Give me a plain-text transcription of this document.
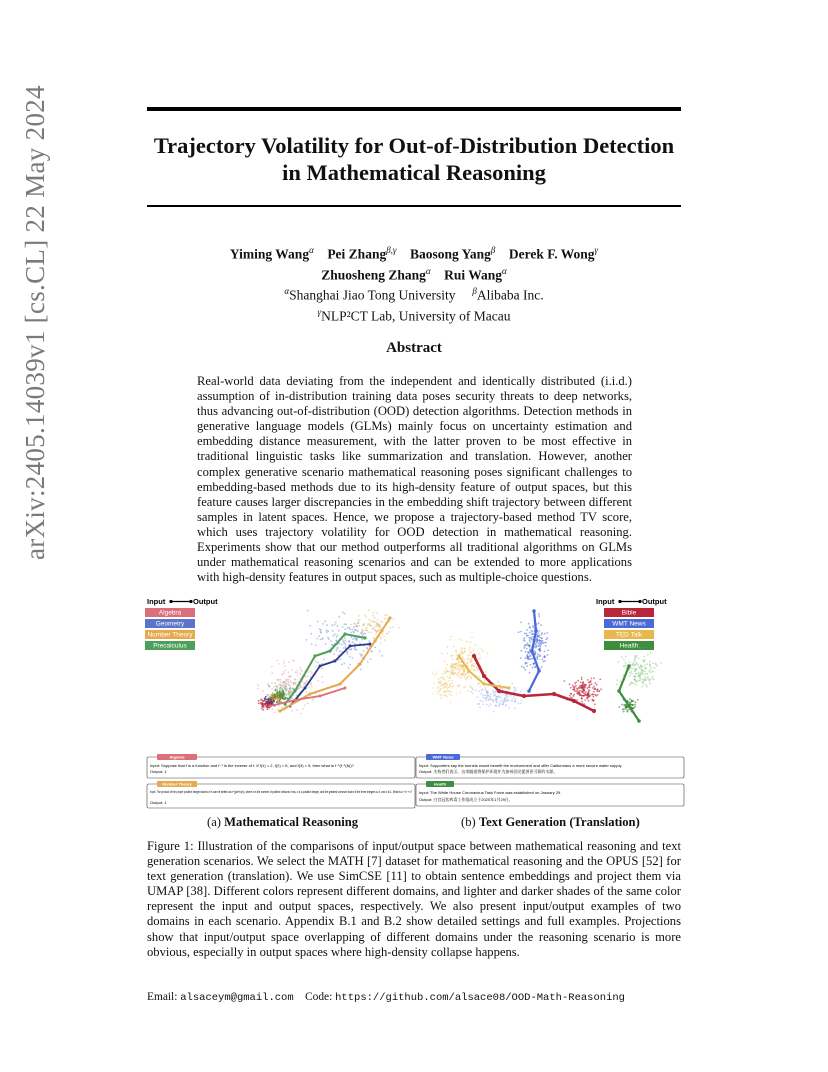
arXiv:2405.14039v1 [cs.CL] 22 May 2024	Trajectory Volatility for Out-of-Distribution Detection
in Mathematical Reasoning
Yiming Wang$^\alpha$ Pei Zhang$^{\beta,\gamma}$ Baosong Yang$^\beta$ Derek F. Wong$^\gamma$
Zhuosheng Zhang$^\alpha$ Rui Wang$^\alpha$
$^\alpha$Shanghai Jiao Tong University $^\beta$Alibaba Inc.
$^\gamma$NLP²CT Lab, University of Macau
Abstract
Real-world data deviating from the independent and identically distributed (i.i.d.) assumption of in-distribution training data poses security threats to deep networks, thus advancing out-of-distribution (OOD) detection algorithms. Detection methods in generative language models (GLMs) mainly focus on uncertainty estimation and embedding distance measurement, with the latter proven to be most effective in traditional linguistic tasks like summarization and translation. However, another complex generative scenario mathematical reasoning poses significant challenges to embedding-based methods due to its high-density feature of output spaces, but this feature causes larger discrepancies in the embedding shift trajectory between different samples in latent spaces. Hence, we propose a trajectory-based method TV score, which uses trajectory volatility for OOD detection in mathematical reasoning. Experiments show that our method outperforms all traditional algorithms on GLMs under mathematical reasoning scenarios and can be extended to more applications with high-density features in output spaces, such as multiple-choice questions.
Input	Output
Algebra
Geometry
Number Theory
Precalculus
Algebra
Input: Suppose that f is a function and f⁻¹ is the inverse of f. If f(1) = 2, f(2) = 6, and f(3) = 5, then what is f⁻¹(f⁻¹(6))?
Output: 1
Number Theory
Input: The product of the proper positive integer factors of n can be written as n^((ax+b)/c), where x is the number of positive divisors n has, c is a positive integer, and the greatest common factor of the three integers a, b, and c is 1. What is a + b + c?
Output: 1
Input	Output
Bible
WMT News
TED Talk
Health
WMT News
Input: Supporters say the tunnels would benefit the environment and offer Californians a more secure water supply.
Output: 支持者们表示，这项隧道将保护环境并为加州居民提供更可靠的水源。
Health
Input: The White House Coronavirus Task Force was established on January 29.
Output: 白宫冠状病毒工作组成立于2020年1月29日。
(a) Mathematical Reasoning	(b) Text Generation (Translation)
Figure 1: Illustration of the comparisons of input/output space between mathematical reasoning and text generation scenarios. We select the MATH [7] dataset for mathematical reasoning and the OPUS [52] for text generation (translation). We use SimCSE [11] to obtain sentence embeddings and project them via UMAP [38]. Different colors represent different domains, and lighter and darker shades of the same color represent the input and output spaces, respectively. We also present input/output examples of two domains in each scenario. Appendix B.1 and B.2 show detailed settings and full examples. Projections show that input/output space overlapping of different domains under the reasoning scenario is more obvious, especially in output spaces where high-density collapse happens.
Email: alsaceym@gmail.com Code: https://github.com/alsace08/OOD-Math-Reasoning
